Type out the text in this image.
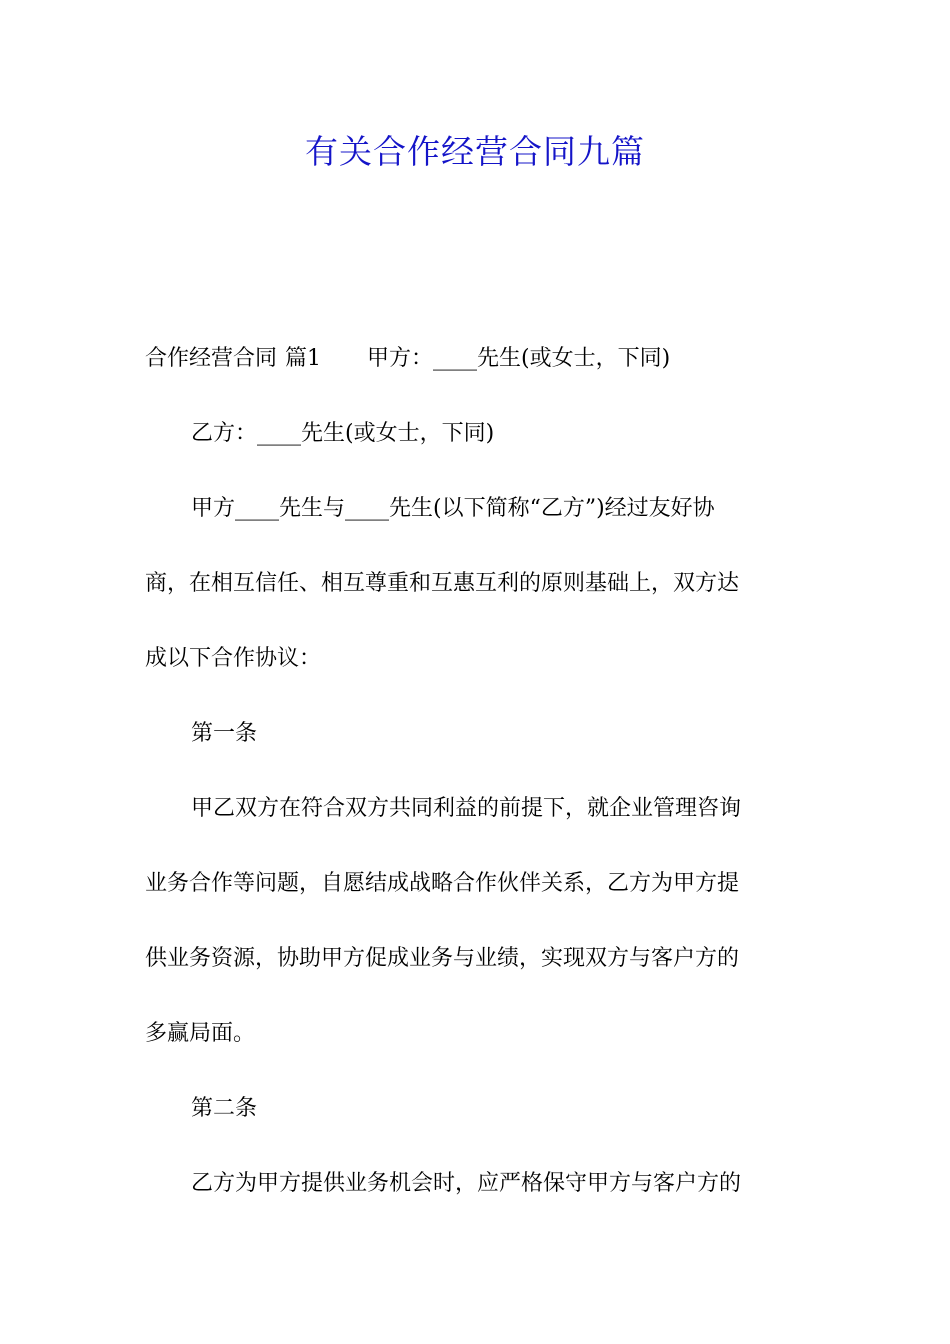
有关合作经营合同九篇
合作经营合同 篇1 甲方：____先生(或女士，下同)
乙方：____先生(或女士，下同)
甲方____先生与____先生(以下简称“乙方”)经过友好协
商，在相互信任、相互尊重和互惠互利的原则基础上，双方达
成以下合作协议：
第一条
甲乙双方在符合双方共同利益的前提下，就企业管理咨询
业务合作等问题，自愿结成战略合作伙伴关系，乙方为甲方提
供业务资源，协助甲方促成业务与业绩，实现双方与客户方的
多赢局面。
第二条
乙方为甲方提供业务机会时，应严格保守甲方与客户方的
